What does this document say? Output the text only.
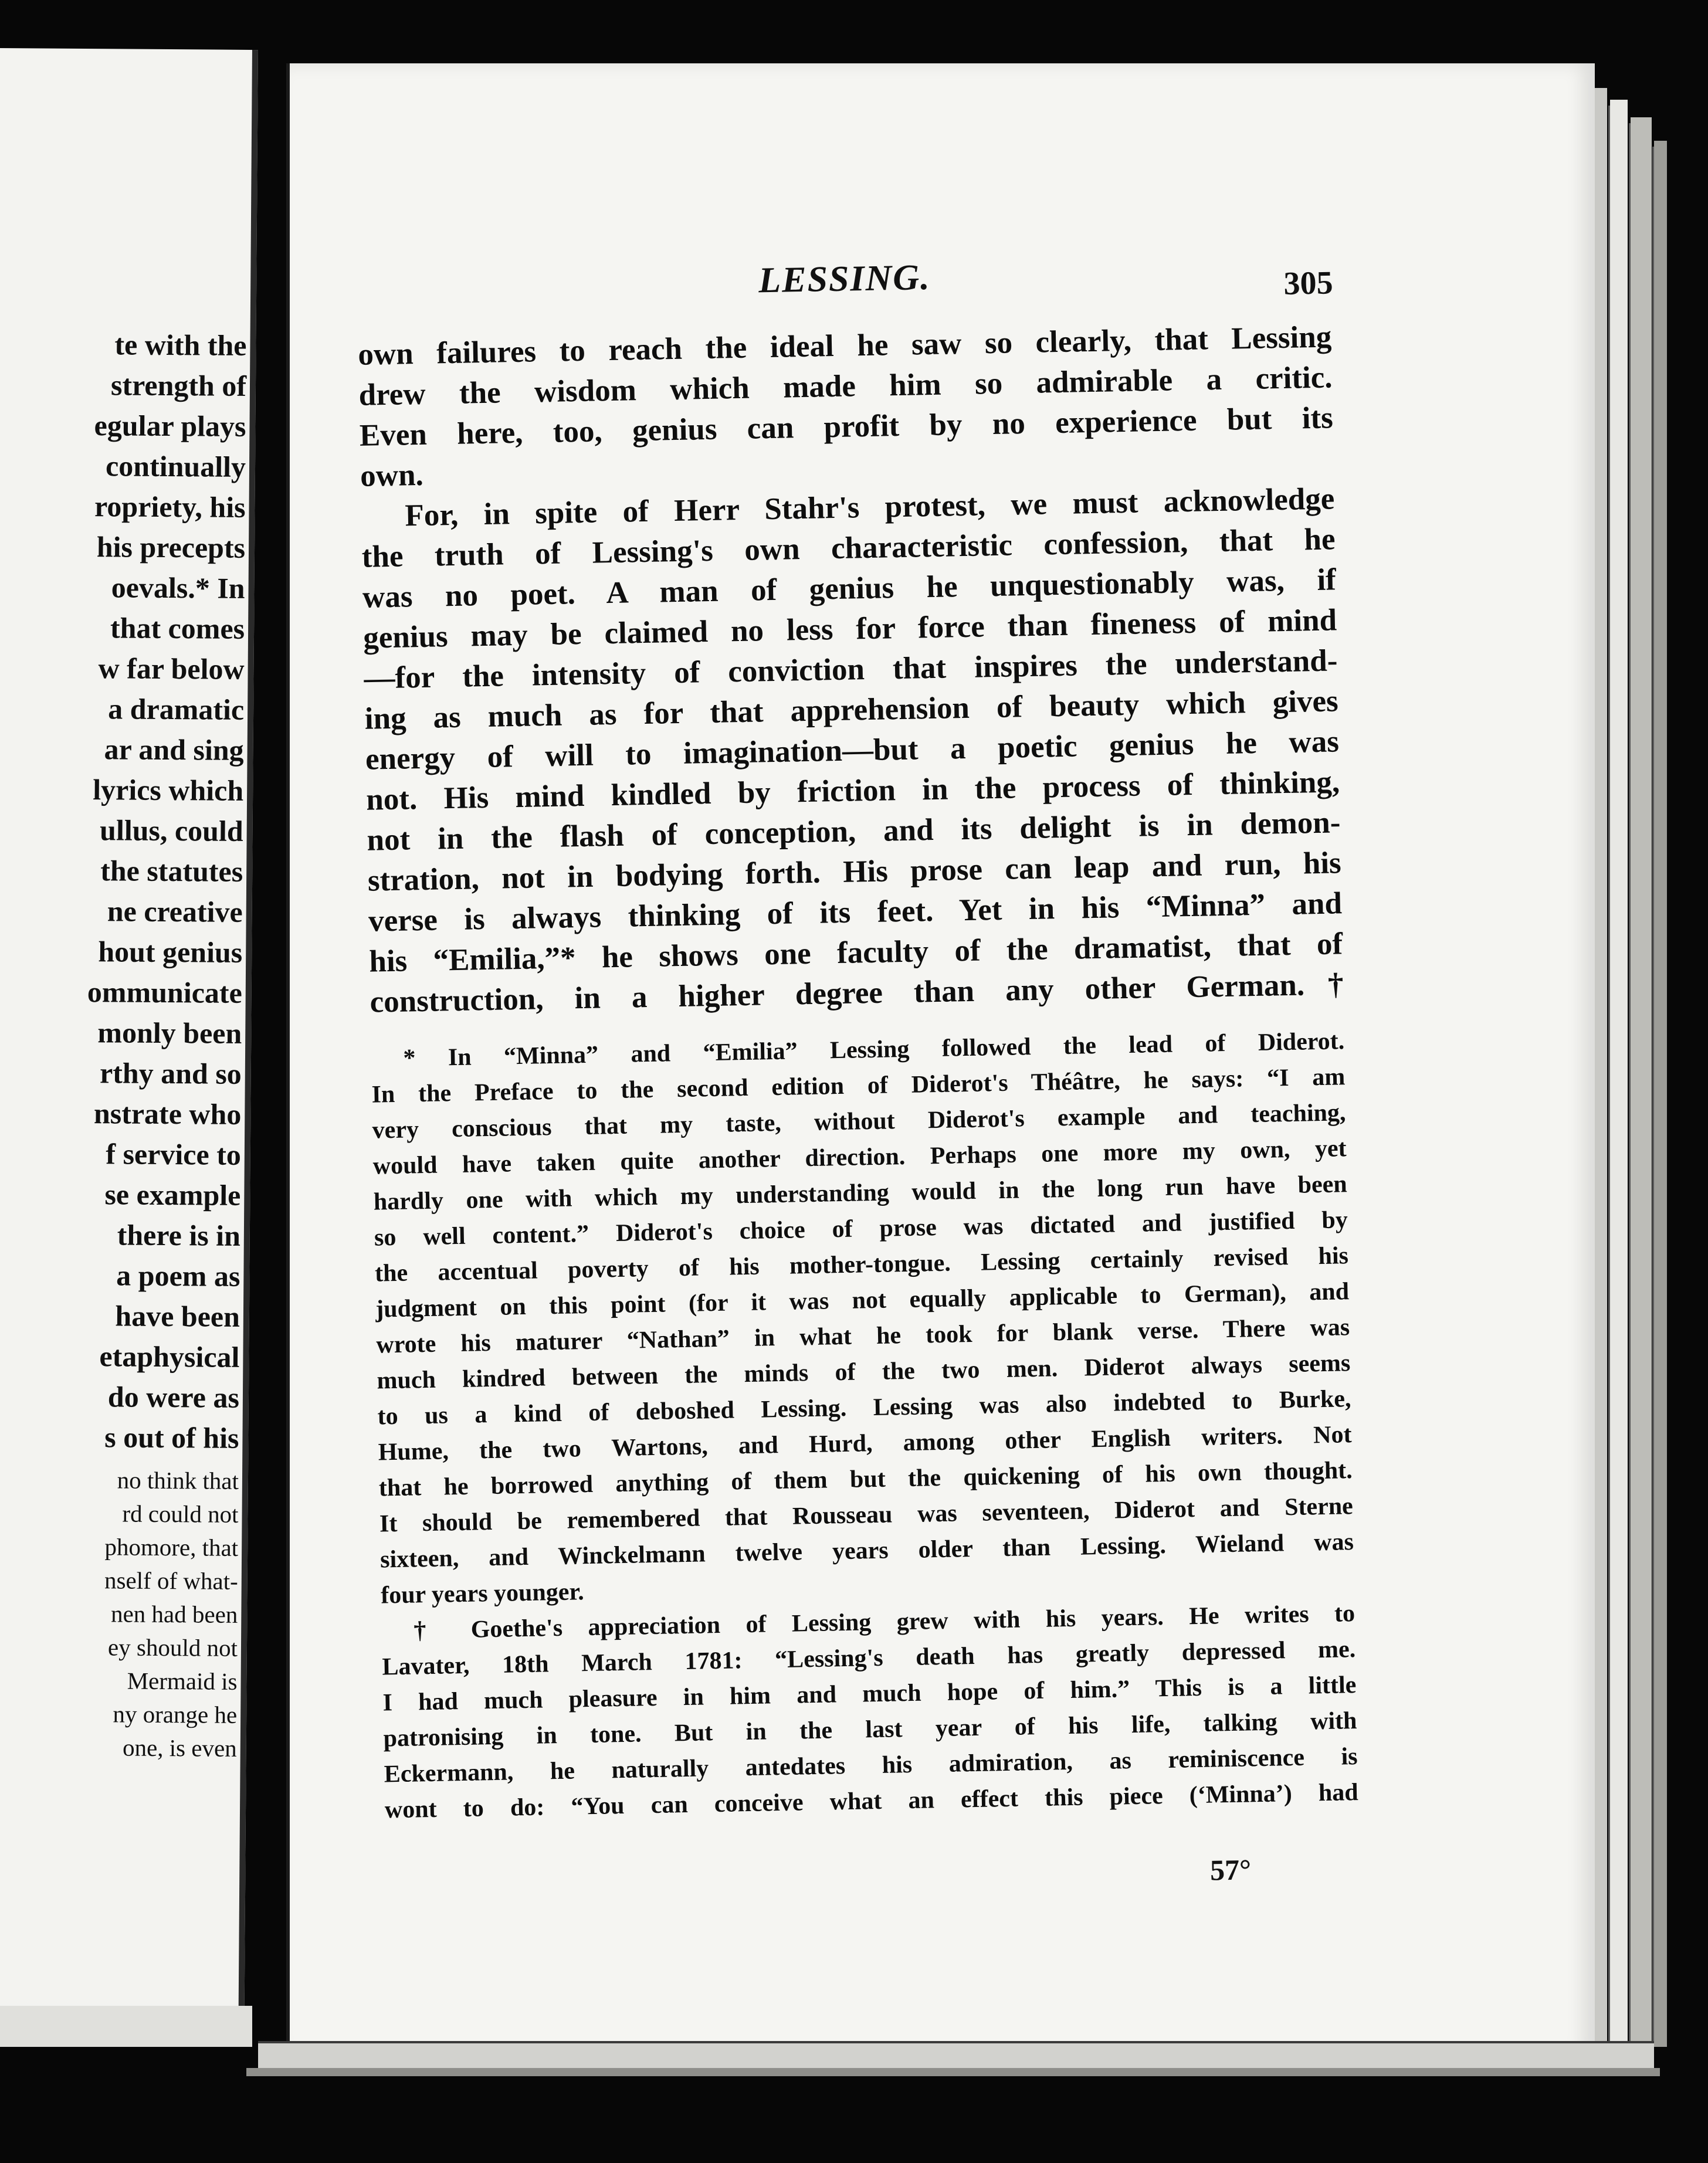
te with the
strength of
egular plays
continually
ropriety, his
his precepts
oevals.* In
that comes
w far below
a dramatic
ar and sing
lyrics which
ullus, could
the statutes
ne creative
hout genius
ommunicate
monly been
rthy and so
nstrate who
f service to
se example
there is in
a poem as
have been
etaphysical
do were as
s out of his
no think that
rd could not
phomore, that
nself of what-
nen had been
ey should not
Mermaid is
ny orange he
one, is even
LESSING.	305
own failures to reach the ideal he saw so clearly, that Lessing
drew the wisdom which made him so admirable a critic.
Even here, too, genius can profit by no experience but its
own.
For, in spite of Herr Stahr's protest, we must acknowledge
the truth of Lessing's own characteristic confession, that he
was no poet. A man of genius he unquestionably was, if
genius may be claimed no less for force than fineness of mind
—for the intensity of conviction that inspires the understand-
ing as much as for that apprehension of beauty which gives
energy of will to imagination—but a poetic genius he was
not. His mind kindled by friction in the process of thinking,
not in the flash of conception, and its delight is in demon-
stration, not in bodying forth. His prose can leap and run, his
verse is always thinking of its feet. Yet in his “Minna” and
his “Emilia,”* he shows one faculty of the dramatist, that of
construction, in a higher degree than any other German.†
* In “Minna” and “Emilia” Lessing followed the lead of Diderot.
In the Preface to the second edition of Diderot's Théâtre, he says: “I am
very conscious that my taste, without Diderot's example and teaching,
would have taken quite another direction. Perhaps one more my own, yet
hardly one with which my understanding would in the long run have been
so well content.” Diderot's choice of prose was dictated and justified by
the accentual poverty of his mother-tongue. Lessing certainly revised his
judgment on this point (for it was not equally applicable to German), and
wrote his maturer “Nathan” in what he took for blank verse. There was
much kindred between the minds of the two men. Diderot always seems
to us a kind of deboshed Lessing. Lessing was also indebted to Burke,
Hume, the two Wartons, and Hurd, among other English writers. Not
that he borrowed anything of them but the quickening of his own thought.
It should be remembered that Rousseau was seventeen, Diderot and Sterne
sixteen, and Winckelmann twelve years older than Lessing. Wieland was
four years younger.
† Goethe's appreciation of Lessing grew with his years. He writes to
Lavater, 18th March 1781: “Lessing's death has greatly depressed me.
I had much pleasure in him and much hope of him.” This is a little
patronising in tone. But in the last year of his life, talking with
Eckermann, he naturally antedates his admiration, as reminiscence is
wont to do: “You can conceive what an effect this piece (‘Minna’) had
57°
